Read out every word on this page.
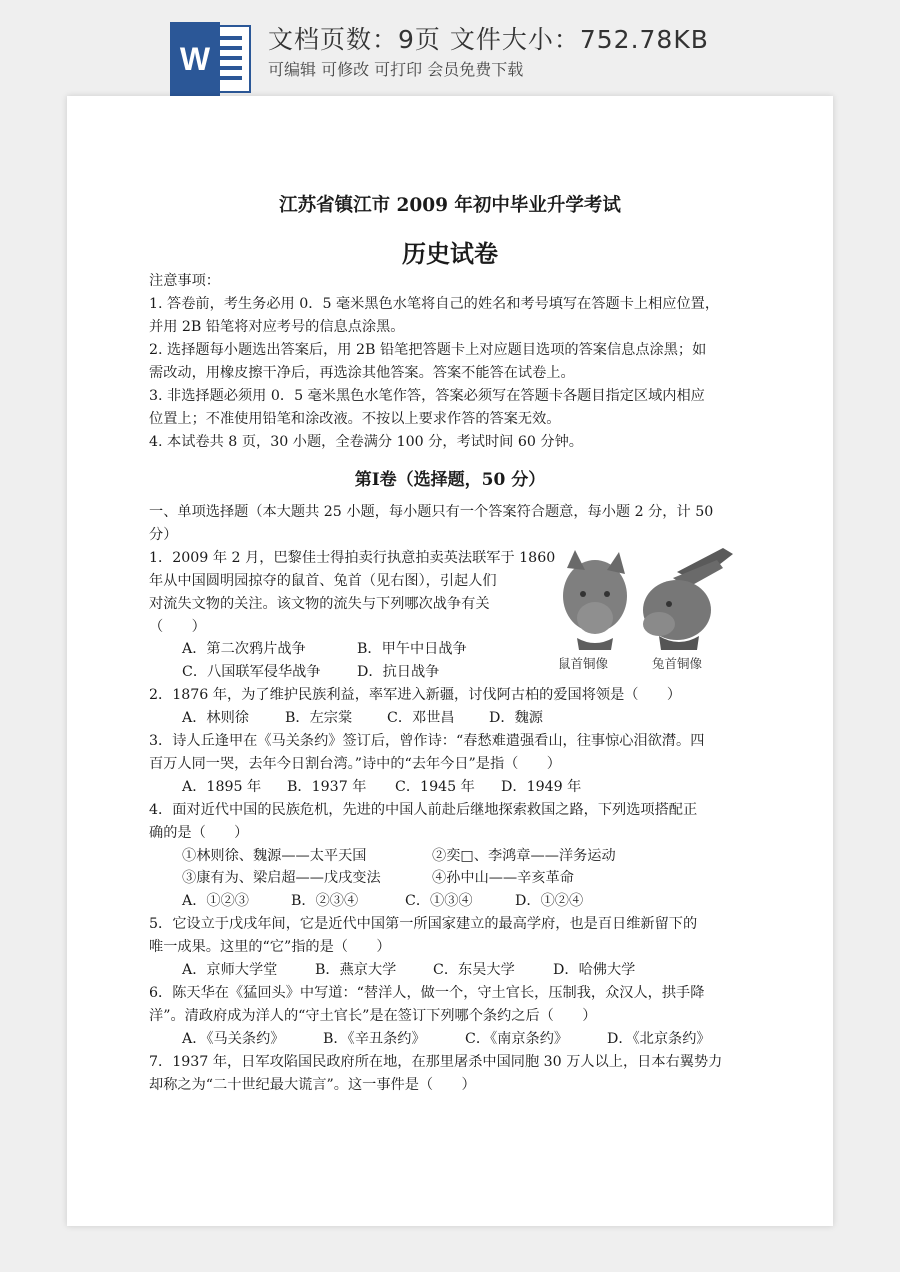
W
文档页数：9页 文件大小：752.78KB
可编辑 可修改 可打印 会员免费下载
江苏省镇江市 2009 年初中毕业升学考试
历史试卷
注意事项：
1. 答卷前，考生务必用 0．5 毫米黑色水笔将自己的姓名和考号填写在答题卡上相应位置，
并用 2B 铅笔将对应考号的信息点涂黑。
2. 选择题每小题选出答案后，用 2B 铅笔把答题卡上对应题目选项的答案信息点涂黑；如
需改动，用橡皮擦干净后，再选涂其他答案。答案不能答在试卷上。
3. 非选择题必须用 0．5 毫米黑色水笔作答，答案必须写在答题卡各题目指定区域内相应
位置上；不准使用铅笔和涂改液。不按以上要求作答的答案无效。
4. 本试卷共 8 页，30 小题，全卷满分 100 分，考试时间 60 分钟。
第Ⅰ卷（选择题，50 分）
一、单项选择题（本大题共 25 小题，每小题只有一个答案符合题意，每小题 2 分，计 50
分）
1．2009 年 2 月，巴黎佳士得拍卖行执意拍卖英法联军于 1860
年从中国圆明园掠夺的鼠首、兔首（见右图），引起人们
对流失文物的关注。该文物的流失与下列哪次战争有关
（　　）
A．第二次鸦片战争	B．甲午中日战争
C．八国联军侵华战争	D．抗日战争
鼠首铜像	兔首铜像
2．1876 年，为了维护民族利益，率军进入新疆，讨伐阿古柏的爱国将领是（　　）
A．林则徐	B．左宗棠 C．邓世昌 D．魏源
3．诗人丘逢甲在《马关条约》签订后，曾作诗：“春愁难遣强看山，往事惊心泪欲潸。四
百万人同一哭，去年今日割台湾。”诗中的“去年今日”是指（　　）
A．1895 年 B．1937 年 C．1945 年 D．1949 年
4．面对近代中国的民族危机，先进的中国人前赴后继地探索救国之路，下列选项搭配正
确的是（　　）
①林则徐、魏源——太平天国	②奕□、李鸿章——洋务运动
③康有为、梁启超——戊戌变法	④孙中山——辛亥革命
A．①②③	B．②③④	C．①③④	D．①②④
5．它设立于戊戌年间，它是近代中国第一所国家建立的最高学府，也是百日维新留下的
唯一成果。这里的“它”指的是（　　）
A．京师大学堂	B．燕京大学	C．东吴大学	D．哈佛大学
6．陈天华在《猛回头》中写道：“替洋人，做一个，守土官长，压制我，众汉人，拱手降
洋”。清政府成为洋人的“守土官长”是在签订下列哪个条约之后（　　）
A．《马关条约》	B．《辛丑条约》	C．《南京条约》	D．《北京条约》
7．1937 年，日军攻陷国民政府所在地，在那里屠杀中国同胞 30 万人以上，日本右翼势力
却称之为“二十世纪最大谎言”。这一事件是（　　）
